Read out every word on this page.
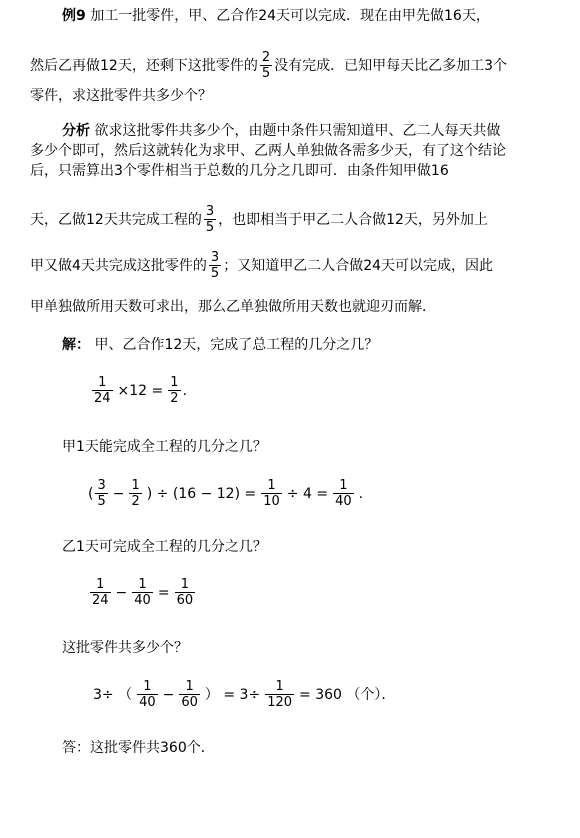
例9 加工一批零件，甲、乙合作24天可以完成．现在由甲先做16天，
然后乙再做12天，还剩下这批零件的 $\frac{2}{5}$ 没有完成．已知甲每天比乙多加工3个
零件，求这批零件共多少个？
分析 欲求这批零件共多少个，由题中条件只需知道甲、乙二人每天共做
多少个即可，然后这就转化为求甲、乙两人单独做各需多少天，有了这个结论
后，只需算出3个零件相当于总数的几分之几即可．由条件知甲做16
天，乙做12天共完成工程的 $\frac{3}{5}$ ，也即相当于甲乙二人合做12天，另外加上
甲又做4天共完成这批零件的 $\frac{3}{5}$ ；又知道甲乙二人合做24天可以完成，因此
甲单独做所用天数可求出，那么乙单独做所用天数也就迎刃而解．
解： 甲、乙合作12天，完成了总工程的几分之几？
$\frac{1}{24} \times 12 = \frac{1}{2}$ .
甲1天能完成全工程的几分之几？
( $\frac{3}{5} - \frac{1}{2}$ ) ÷ $(16 - 12) = \frac{1}{10} \div 4 = \frac{1}{40}$ .
乙1天可完成全工程的几分之几？
$\frac{1}{24} - \frac{1}{40} = \frac{1}{60}$
这批零件共多少个？
3÷ （ $\frac{1}{40} - \frac{1}{60}$ ） = $3\div \frac{1}{120} = 360$ （个）．
答：这批零件共360个．
